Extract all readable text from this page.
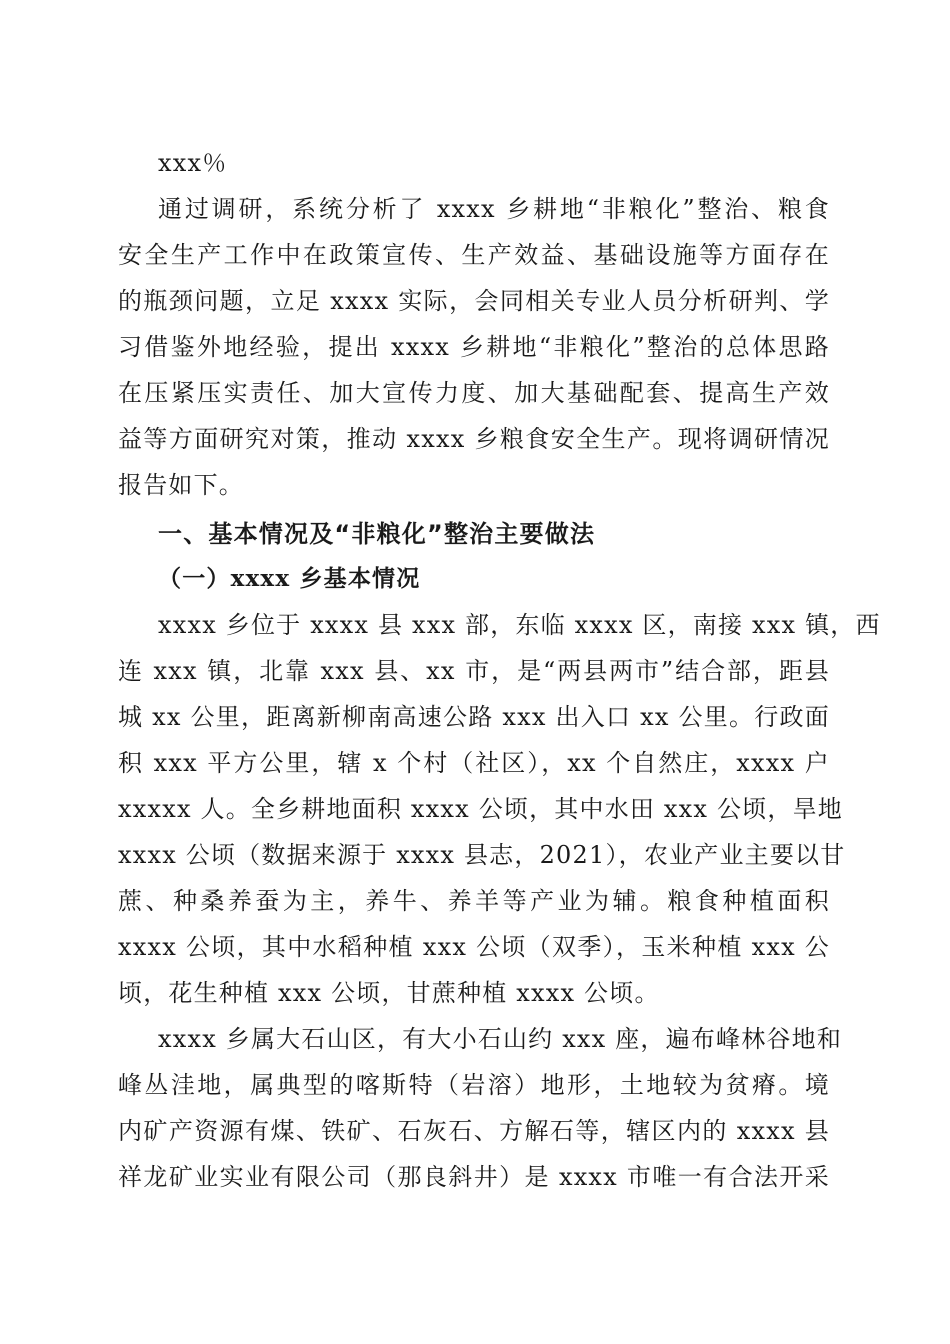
xxx％
通过调研，系统分析了 xxxx 乡耕地“非粮化”整治、粮食
安全生产工作中在政策宣传、生产效益、基础设施等方面存在
的瓶颈问题，立足 xxxx 实际，会同相关专业人员分析研判、学
习借鉴外地经验，提出 xxxx 乡耕地“非粮化”整治的总体思路
在压紧压实责任、加大宣传力度、加大基础配套、提高生产效
益等方面研究对策，推动 xxxx 乡粮食安全生产。现将调研情况
报告如下。
一、基本情况及“非粮化”整治主要做法
（一）xxxx 乡基本情况
xxxx 乡位于 xxxx 县 xxx 部，东临 xxxx 区，南接 xxx 镇，西
连 xxx 镇，北靠 xxx 县、xx 市，是“两县两市”结合部，距县
城 xx 公里，距离新柳南高速公路 xxx 出入口 xx 公里。行政面
积 xxx 平方公里，辖 x 个村（社区），xx 个自然庄，xxxx 户
xxxxx 人。全乡耕地面积 xxxx 公顷，其中水田 xxx 公顷，旱地
xxxx 公顷（数据来源于 xxxx 县志，2021），农业产业主要以甘
蔗、种桑养蚕为主，养牛、养羊等产业为辅。粮食种植面积
xxxx 公顷，其中水稻种植 xxx 公顷（双季），玉米种植 xxx 公
顷，花生种植 xxx 公顷，甘蔗种植 xxxx 公顷。
xxxx 乡属大石山区，有大小石山约 xxx 座，遍布峰林谷地和
峰丛洼地，属典型的喀斯特（岩溶）地形，土地较为贫瘠。境
内矿产资源有煤、铁矿、石灰石、方解石等，辖区内的 xxxx 县
祥龙矿业实业有限公司（那良斜井）是 xxxx 市唯一有合法开采
